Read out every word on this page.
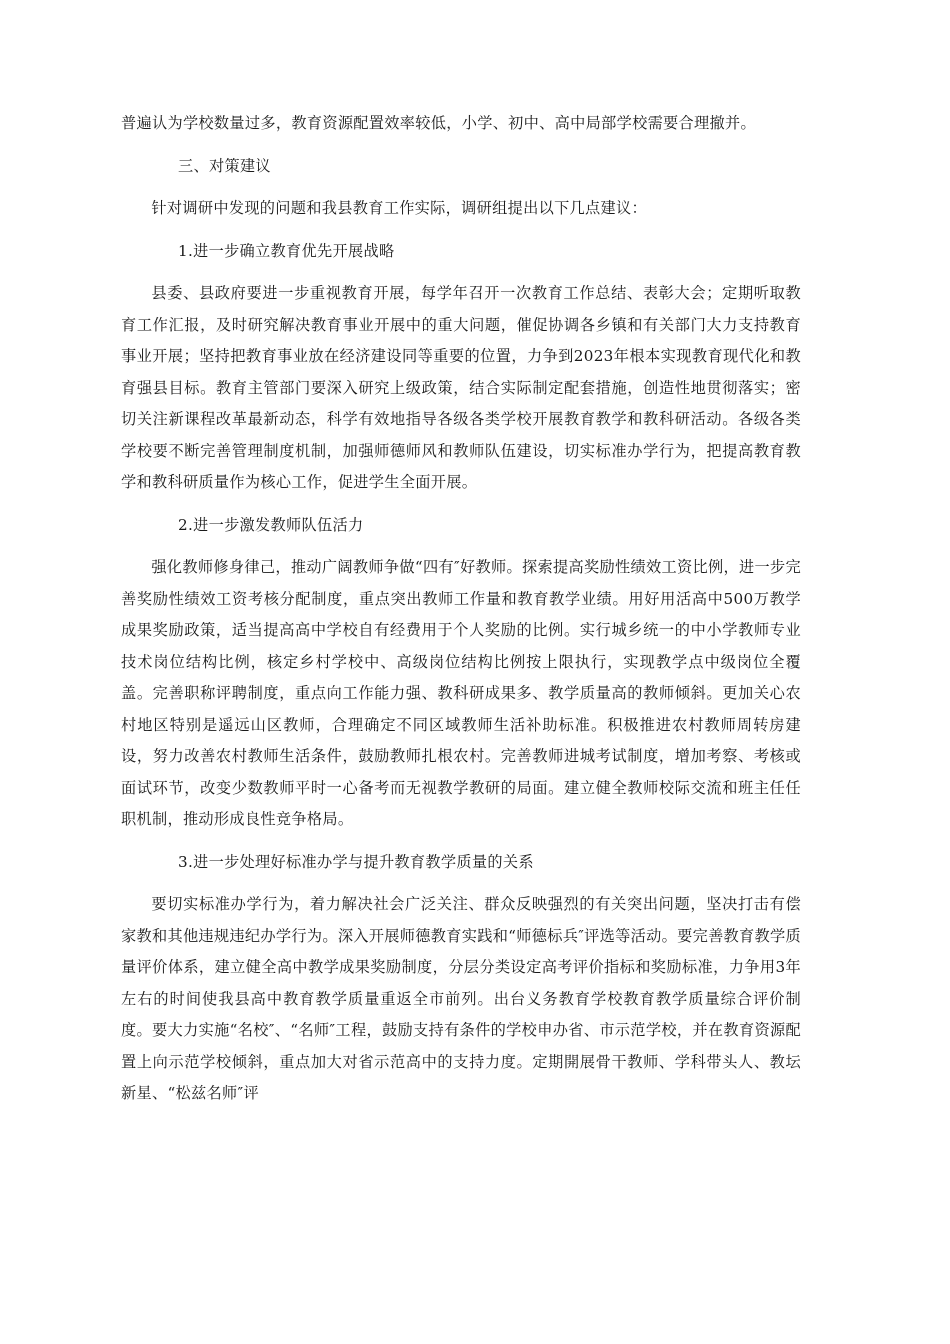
普遍认为学校数量过多，教育资源配置效率较低，小学、初中、高中局部学校需要合理撤并。

三、对策建议

针对调研中发现的问题和我县教育工作实际，调研组提出以下几点建议：

1.进一步确立教育优先开展战略

县委、县政府要进一步重视教育开展，每学年召开一次教育工作总结、表彰大会；定期听取教育工作汇报，及时研究解决教育事业开展中的重大问题，催促协调各乡镇和有关部门大力支持教育事业开展；坚持把教育事业放在经济建设同等重要的位置，力争到2023年根本实现教育现代化和教育强县目标。教育主管部门要深入研究上级政策，结合实际制定配套措施，创造性地贯彻落实；密切关注新课程改革最新动态，科学有效地指导各级各类学校开展教育教学和教科研活动。各级各类学校要不断完善管理制度机制，加强师德师风和教师队伍建设，切实标准办学行为，把提高教育教学和教科研质量作为核心工作，促进学生全面开展。

2.进一步激发教师队伍活力

强化教师修身律己，推动广阔教师争做“四有″好教师。探索提高奖励性绩效工资比例，进一步完善奖励性绩效工资考核分配制度，重点突出教师工作量和教育教学业绩。用好用活高中500万教学成果奖励政策，适当提高高中学校自有经费用于个人奖励的比例。实行城乡统一的中小学教师专业技术岗位结构比例，核定乡村学校中、高级岗位结构比例按上限执行，实现教学点中级岗位全覆盖。完善职称评聘制度，重点向工作能力强、教科研成果多、教学质量高的教师倾斜。更加关心农村地区特别是遥远山区教师，合理确定不同区域教师生活补助标准。积极推进农村教师周转房建设，努力改善农村教师生活条件，鼓励教师扎根农村。完善教师进城考试制度，增加考察、考核或面试环节，改变少数教师平时一心备考而无视教学教研的局面。建立健全教师校际交流和班主任任职机制，推动形成良性竞争格局。

3.进一步处理好标准办学与提升教育教学质量的关系

要切实标准办学行为，着力解决社会广泛关注、群众反映强烈的有关突出问题，坚决打击有偿家教和其他违规违纪办学行为。深入开展师德教育实践和“师德标兵″评选等活动。要完善教育教学质量评价体系，建立健全高中教学成果奖励制度，分层分类设定高考评价指标和奖励标准，力争用3年左右的时间使我县高中教育教学质量重返全市前列。出台义务教育学校教育教学质量综合评价制度。要大力实施“名校″、“名师″工程，鼓励支持有条件的学校申办省、市示范学校，并在教育资源配置上向示范学校倾斜，重点加大对省示范高中的支持力度。定期開展骨干教师、学科带头人、教坛新星、“松兹名师″评
